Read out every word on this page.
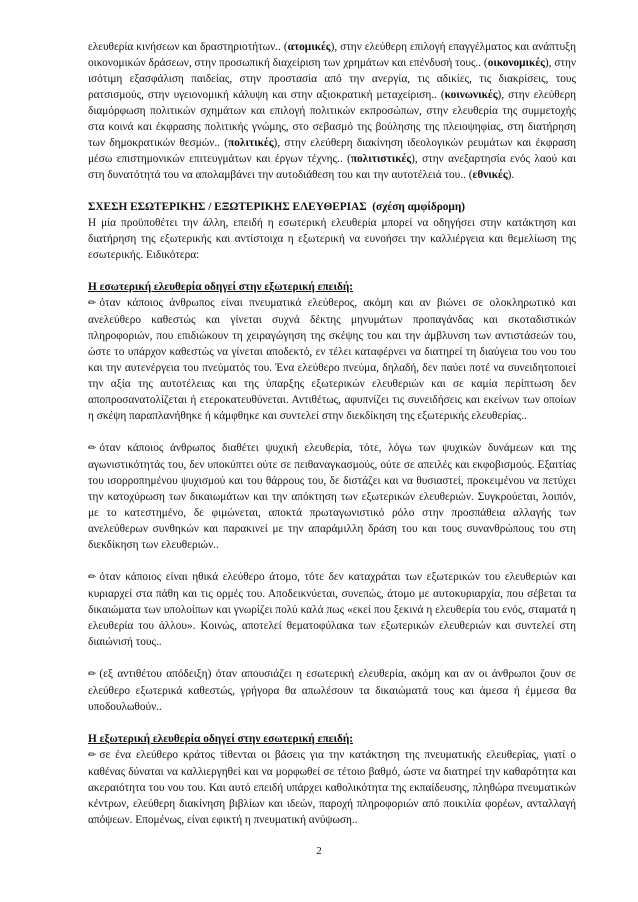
ελευθερία κινήσεων και δραστηριοτήτων.. (ατομικές), στην ελεύθερη επιλογή επαγγέλματος και ανάπτυξη οικονομικών δράσεων, στην προσωπική διαχείριση των χρημάτων και επένδυσή τους.. (οικονομικές), στην ισότιμη εξασφάλιση παιδείας, στην προστασία από την ανεργία, τις αδικίες, τις διακρίσεις, τους ρατσισμούς, στην υγειονομική κάλυψη και στην αξιοκρατική μεταχείριση.. (κοινωνικές), στην ελεύθερη διαμόρφωση πολιτικών σχημάτων και επιλογή πολιτικών εκπροσώπων, στην ελευθερία της συμμετοχής στα κοινά και έκφρασης πολιτικής γνώμης, στο σεβασμό της βούλησης της πλειοψηφίας, στη διατήρηση των δημοκρατικών θεσμών.. (πολιτικές), στην ελεύθερη διακίνηση ιδεολογικών ρευμάτων και έκφραση μέσω επιστημονικών επιτευγμάτων και έργων τέχνης.. (πολιτιστικές), στην ανεξαρτησία ενός λαού και στη δυνατότητά του να απολαμβάνει την αυτοδιάθεση του και την αυτοτέλειά του.. (εθνικές).

ΣΧΕΣΗ ΕΣΩΤΕΡΙΚΗΣ / ΕΞΩΤΕΡΙΚΗΣ ΕΛΕΥΘΕΡΙΑΣ (σχέση αμφίδρομη)

Η μία προϋποθέτει την άλλη, επειδή η εσωτερική ελευθερία μπορεί να οδηγήσει στην κατάκτηση και διατήρηση της εξωτερικής και αντίστοιχα η εξωτερική να ευνοήσει την καλλιέργεια και θεμελίωση της εσωτερικής. Ειδικότερα:

Η εσωτερική ελευθερία οδηγεί στην εξωτερική επειδή:

✏ όταν κάποιος άνθρωπος είναι πνευματικά ελεύθερος, ακόμη και αν βιώνει σε ολοκληρωτικό και ανελεύθερο καθεστώς και γίνεται συχνά δέκτης μηνυμάτων προπαγάνδας και σκοταδιστικών πληροφοριών, που επιδιώκουν τη χειραγώγηση της σκέψης του και την άμβλυνση των αντιστάσεών του, ώστε το υπάρχον καθεστώς να γίνεται αποδεκτό, εν τέλει καταφέρνει να διατηρεί τη διαύγεια του νου του και την αυτενέργεια του πνεύματός του. Ένα ελεύθερο πνεύμα, δηλαδή, δεν παύει ποτέ να συνειδητοποιεί την αξία της αυτοτέλειας και της ύπαρξης εξωτερικών ελευθεριών και σε καμία περίπτωση δεν αποπροσανατολίζεται ή ετεροκατευθύνεται. Αντιθέτως, αφυπνίζει τις συνειδήσεις και εκείνων των οποίων η σκέψη παραπλανήθηκε ή κάμφθηκε και συντελεί στην διεκδίκηση της εξωτερικής ελευθερίας..

✏ όταν κάποιος άνθρωπος διαθέτει ψυχική ελευθερία, τότε, λόγω των ψυχικών δυνάμεων και της αγωνιστικότητάς του, δεν υποκύπτει ούτε σε πειθαναγκασμούς, ούτε σε απειλές και εκφοβισμούς. Εξαιτίας του ισορροπημένου ψυχισμού και του θάρρους του, δε διστάζει και να θυσιαστεί, προκειμένου να πετύχει την κατοχύρωση των δικαιωμάτων και την απόκτηση των εξωτερικών ελευθεριών. Συγκρούεται, λοιπόν, με το κατεστημένο, δε φιμώνεται, αποκτά πρωταγωνιστικό ρόλο στην προσπάθεια αλλαγής των ανελεύθερων συνθηκών και παρακινεί με την απαράμιλλη δράση του και τους συνανθρώπους του στη διεκδίκηση των ελευθεριών..

✏ όταν κάποιος είναι ηθικά ελεύθερο άτομο, τότε δεν καταχράται των εξωτερικών του ελευθεριών και κυριαρχεί στα πάθη και τις ορμές του. Αποδεικνύεται, συνεπώς, άτομο με αυτοκυριαρχία, που σέβεται τα δικαιώματα των υπολοίπων και γνωρίζει πολύ καλά πως «εκεί που ξεκινά η ελευθερία του ενός, σταματά η ελευθερία του άλλου». Κοινώς, αποτελεί θεματοφύλακα των εξωτερικών ελευθεριών και συντελεί στη διαιώνισή τους..

✏ (εξ αντιθέτου απόδειξη) όταν απουσιάζει η εσωτερική ελευθερία, ακόμη και αν οι άνθρωποι ζουν σε ελεύθερο εξωτερικά καθεστώς, γρήγορα θα απωλέσουν τα δικαιώματά τους και άμεσα ή έμμεσα θα υποδουλωθούν..

Η εξωτερική ελευθερία οδηγεί στην εσωτερική επειδή:

✏ σε ένα ελεύθερο κράτος τίθενται οι βάσεις για την κατάκτηση της πνευματικής ελευθερίας, γιατί ο καθένας δύναται να καλλιεργηθεί και να μορφωθεί σε τέτοιο βαθμό, ώστε να διατηρεί την καθαρότητα και ακεραιότητα του νου του. Και αυτό επειδή υπάρχει καθολικότητα της εκπαίδευσης, πληθώρα πνευματικών κέντρων, ελεύθερη διακίνηση βιβλίων και ιδεών, παροχή πληροφοριών από ποικιλία φορέων, ανταλλαγή απόψεων. Επομένως, είναι εφικτή η πνευματική ανύψωση..

2
